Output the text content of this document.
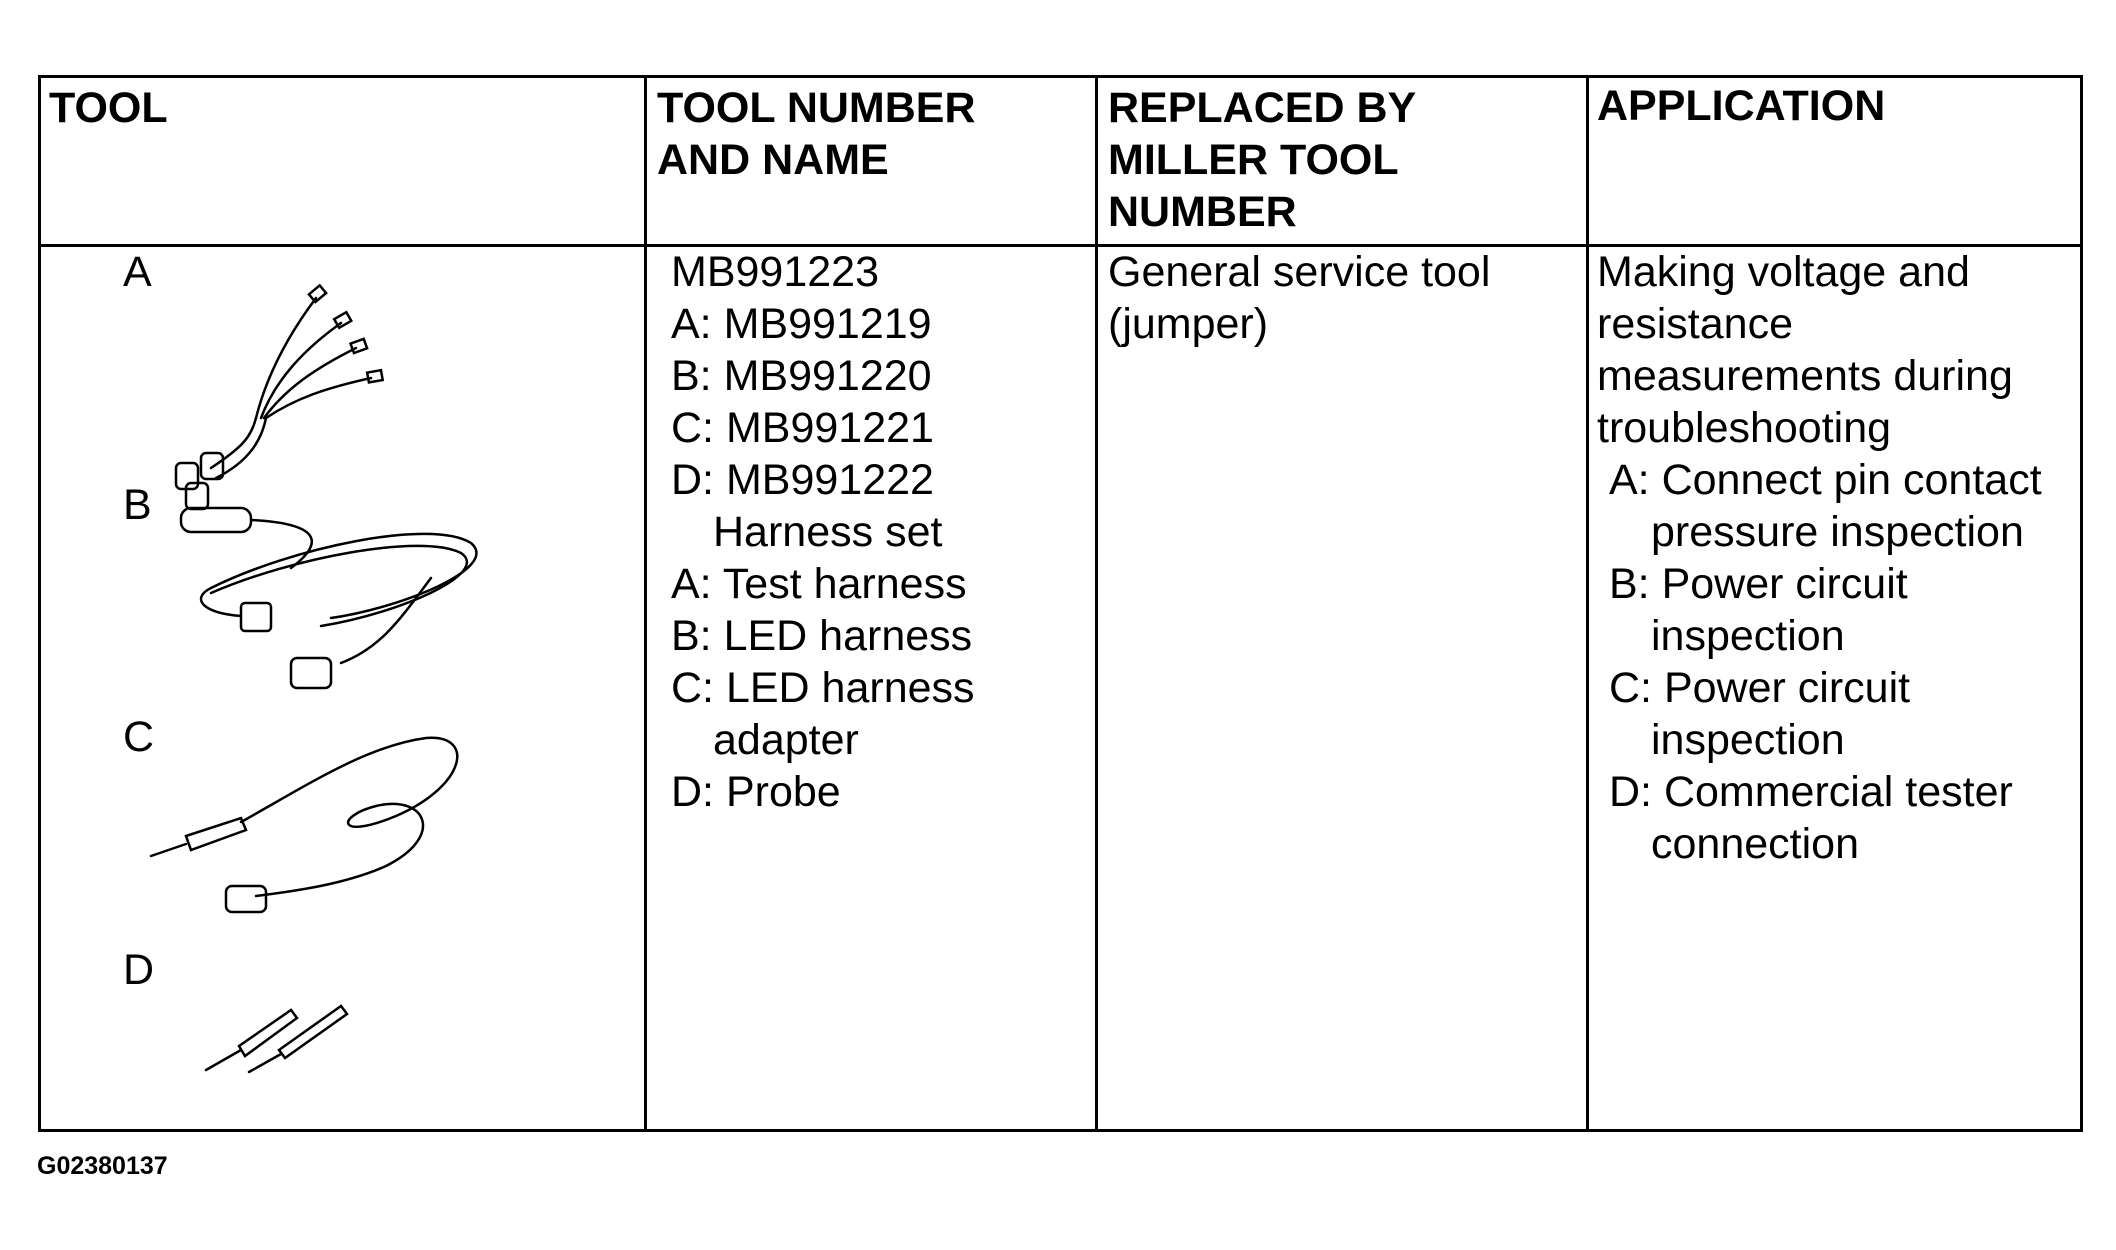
TOOL	TOOL NUMBER
AND NAME
REPLACED BY
MILLER TOOL
NUMBER
APPLICATION
A
B
C
D
MB991223
A: MB991219
B: MB991220
C: MB991221
D: MB991222
Harness set
A: Test harness
B: LED harness
C: LED harness
adapter
D: Probe
General service tool
(jumper)
Making voltage and
resistance
measurements during
troubleshooting
A: Connect pin contact
pressure inspection
B: Power circuit
inspection
C: Power circuit
inspection
D: Commercial tester
connection
G02380137
